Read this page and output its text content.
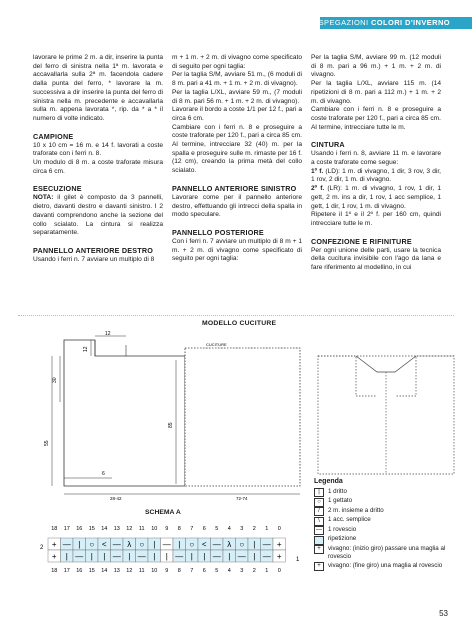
SPEGAZIONI COLORI D'INVERNO

lavorare le prime 2 m. a dir, inserire la punta del ferro di sinistra nella 1ª m. lavorata e accavallarla sulla 2ª m. facendola cadere dalla punta del ferro, * lavorare la m. successiva a dir inserire la punta del ferro di sinistra nella m. precedente e accavallarla sulla m. appena lavorata *, rip. da * a * il numero di volte indicato.

CAMPIONE

10 x 10 cm = 16 m. e 14 f. lavorati a coste traforate con i ferri n. 8.

Un modulo di 8 m. a coste traforate misura circa 6 cm.

ESECUZIONE

NOTA: il gilet è composto da 3 pannelli, dietro, davanti destro e davanti sinistro. I 2 davanti comprendono anche la sezione del collo scialato. La cintura si realizza separatamente.

PANNELLO ANTERIORE DESTRO

Usando i ferri n. 7 avviare un multiplo di 8

m + 1 m. + 2 m. di vivagno come specificato di seguito per ogni taglia:

Per la taglia S/M, avviare 51 m., (6 moduli di 8 m. pari a 41 m. + 1 m. + 2 m. di vivagno).

Per la taglia L/XL, avviare 59 m., (7 moduli di 8 m. pari 56 m. + 1 m. + 2 m. di vivagno).

Lavorare il bordo a coste 1/1 per 12 f., pari a circa 6 cm.

Cambiare con i ferri n. 8 e proseguire a coste traforate per 120 f., pari a circa 85 cm. Al termine, intrecciare 32 (40) m. per la spalla e proseguire sulle m. rimaste per 16 f. (12 cm), creando la prima metà del collo scialato.

PANNELLO ANTERIORE SINISTRO

Lavorare come per il pannello anteriore destro, effettuando gli intrecci della spalla in modo speculare.

PANNELLO POSTERIORE

Con i ferri n. 7 avviare un multiplo di 8 m + 1 m. + 2 m. di vivagno come specificato di seguito per ogni taglia:

Per la taglia S/M, avviare 99 m. (12 moduli di 8 m. pari a 96 m.) + 1 m. + 2 m. di vivagno.

Per la taglia L/XL, avviare 115 m. (14 ripetizioni di 8 m. pari a 112 m.) + 1 m. + 2 m. di vivagno.

Cambiare con i ferri n. 8 e proseguire a coste traforate per 120 f., pari a circa 85 cm. Al termine, intrecciare tutte le m.

CINTURA

Usando i ferri n. 8, avviare 11 m. e lavorare a coste traforate come segue:

1º f. (LD): 1 m. di vivagno, 1 dir, 3 rov, 3 dir, 1 rov, 2 dir, 1 m. di vivagno.

2º f. (LR): 1 m. di vivagno, 1 rov, 1 dir, 1 gett, 2 m. ins a dir, 1 rov, 1 acc semplice, 1 gett, 1 dir, 1 rov, 1 m. di vivagno.

Ripetere il 1º e il 2º f. per 160 cm, quindi intrecciare tutte le m.

CONFEZIONE E RIFINITURE

Per ogni unione delle parti, usare la tecnica della cucitura invisibile con l'ago da lana e fare riferimento al modellino, in cui

MODELLO CUCITURE
CUCITURE
12
12
30
55
85
6
28-42	72-74
SCHEMA A
18 17 16 15 14 13 12 11 10 9 8 7 6 5 4 3 2 1 0
+ — | ○ < — λ ○ | — | ○ < — λ ○ | — +
+ | — | | — | — | | — | | — | — | — +
18 17 16 15 14 13 12 11 10 9 8 7 6 5 4 3 2 1 0
2
1
Legenda
|	1 dritto
○	1 gettato
/	2 m. insieme a dritto
\	1 acc. semplice
— 1 rovescio
ripetizione
+	vivagno: (inizio giro) passare una maglia al rovescio
+	vivagno: (fine giro) una maglia al rovescio
53
